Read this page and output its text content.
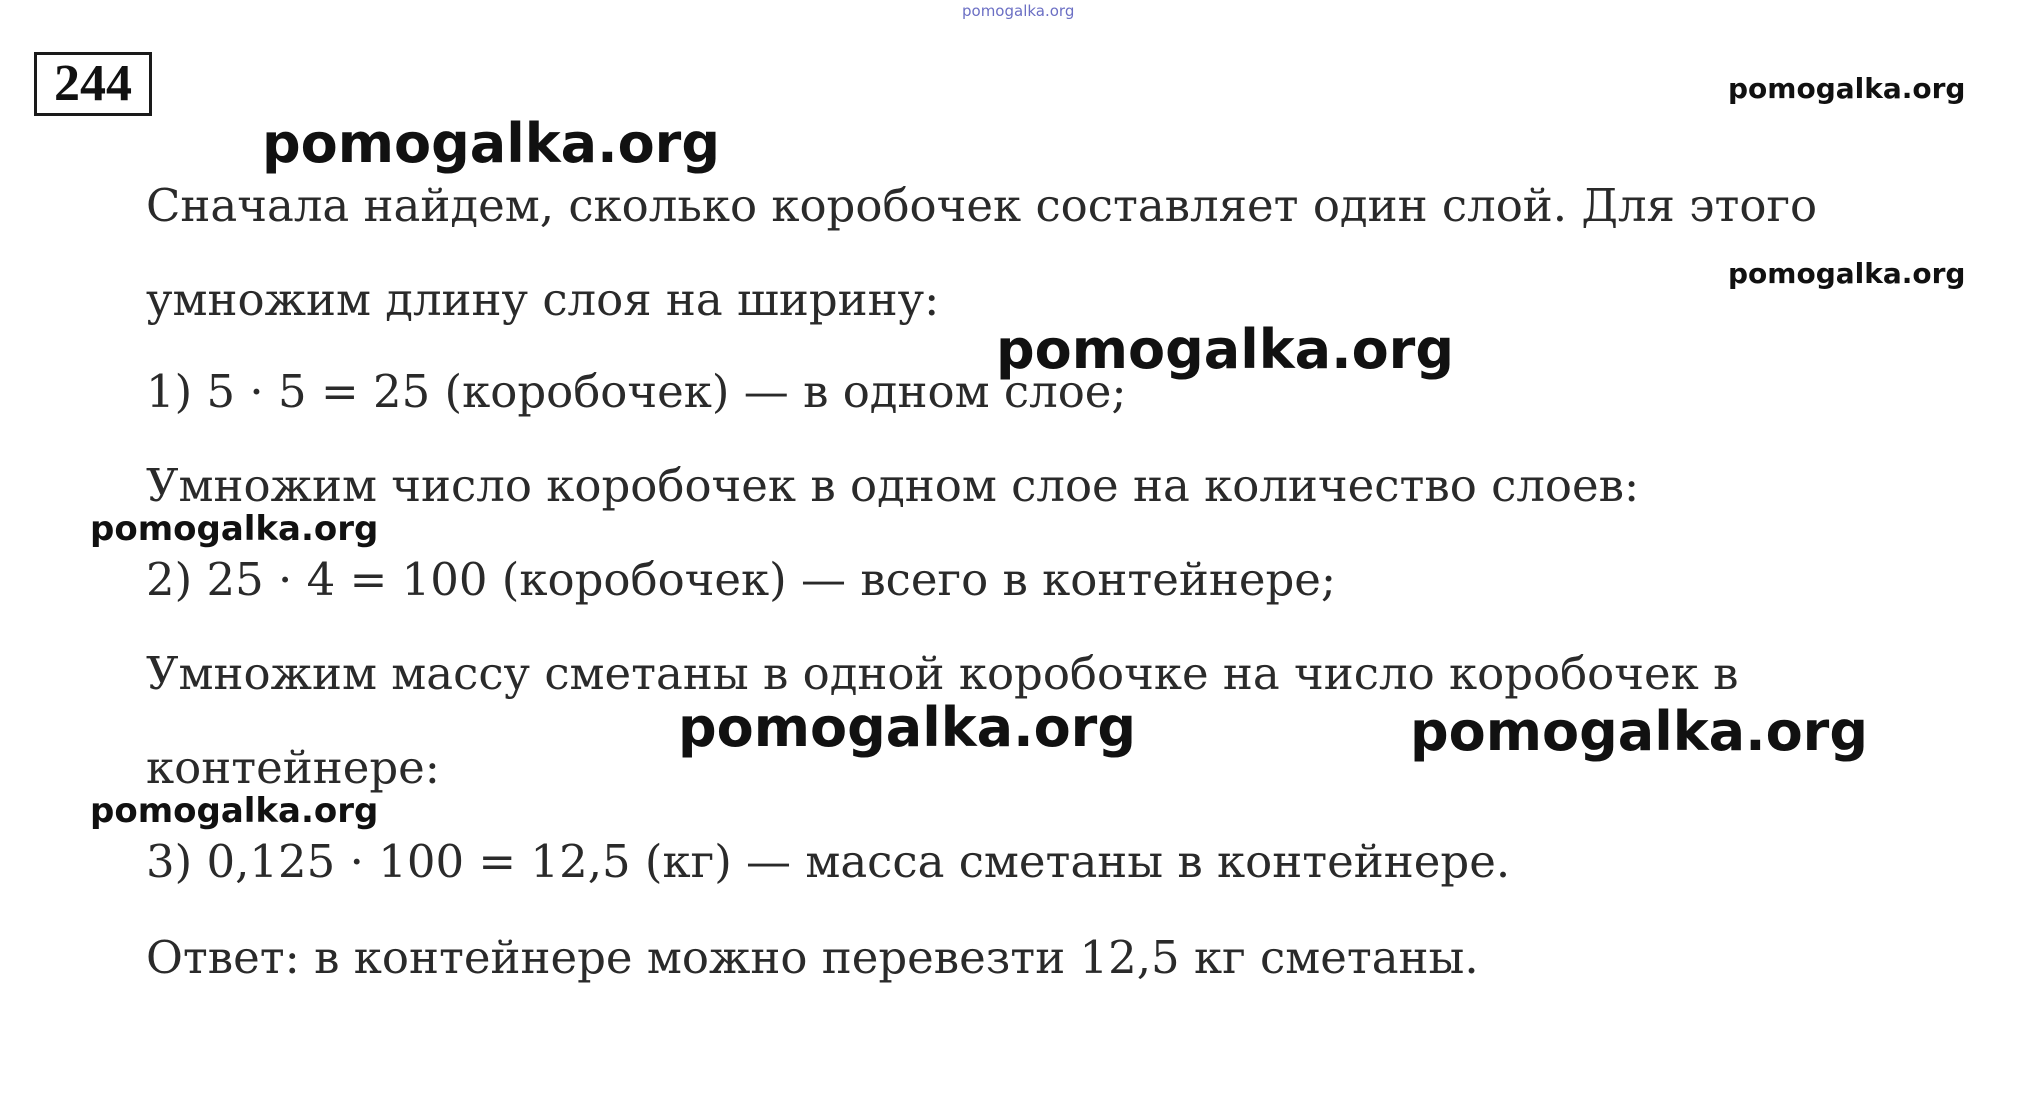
pomogalka.org
244	pomogalka.org
pomogalka.org
Сначала найдем, сколько коробочек составляет один слой. Для этого
pomogalka.org
умножим длину слоя на ширину:
pomogalka.org
1) 5 · 5 = 25 (коробочек) — в одном слое;
Умножим число коробочек в одном слое на количество слоев:
pomogalka.org
2) 25 · 4 = 100 (коробочек) — всего в контейнере;
Умножим массу сметаны в одной коробочке на число коробочек в
pomogalka.org	pomogalka.org
контейнере:
pomogalka.org
3) 0,125 · 100 = 12,5 (кг) — масса сметаны в контейнере.
Ответ: в контейнере можно перевезти 12,5 кг сметаны.
